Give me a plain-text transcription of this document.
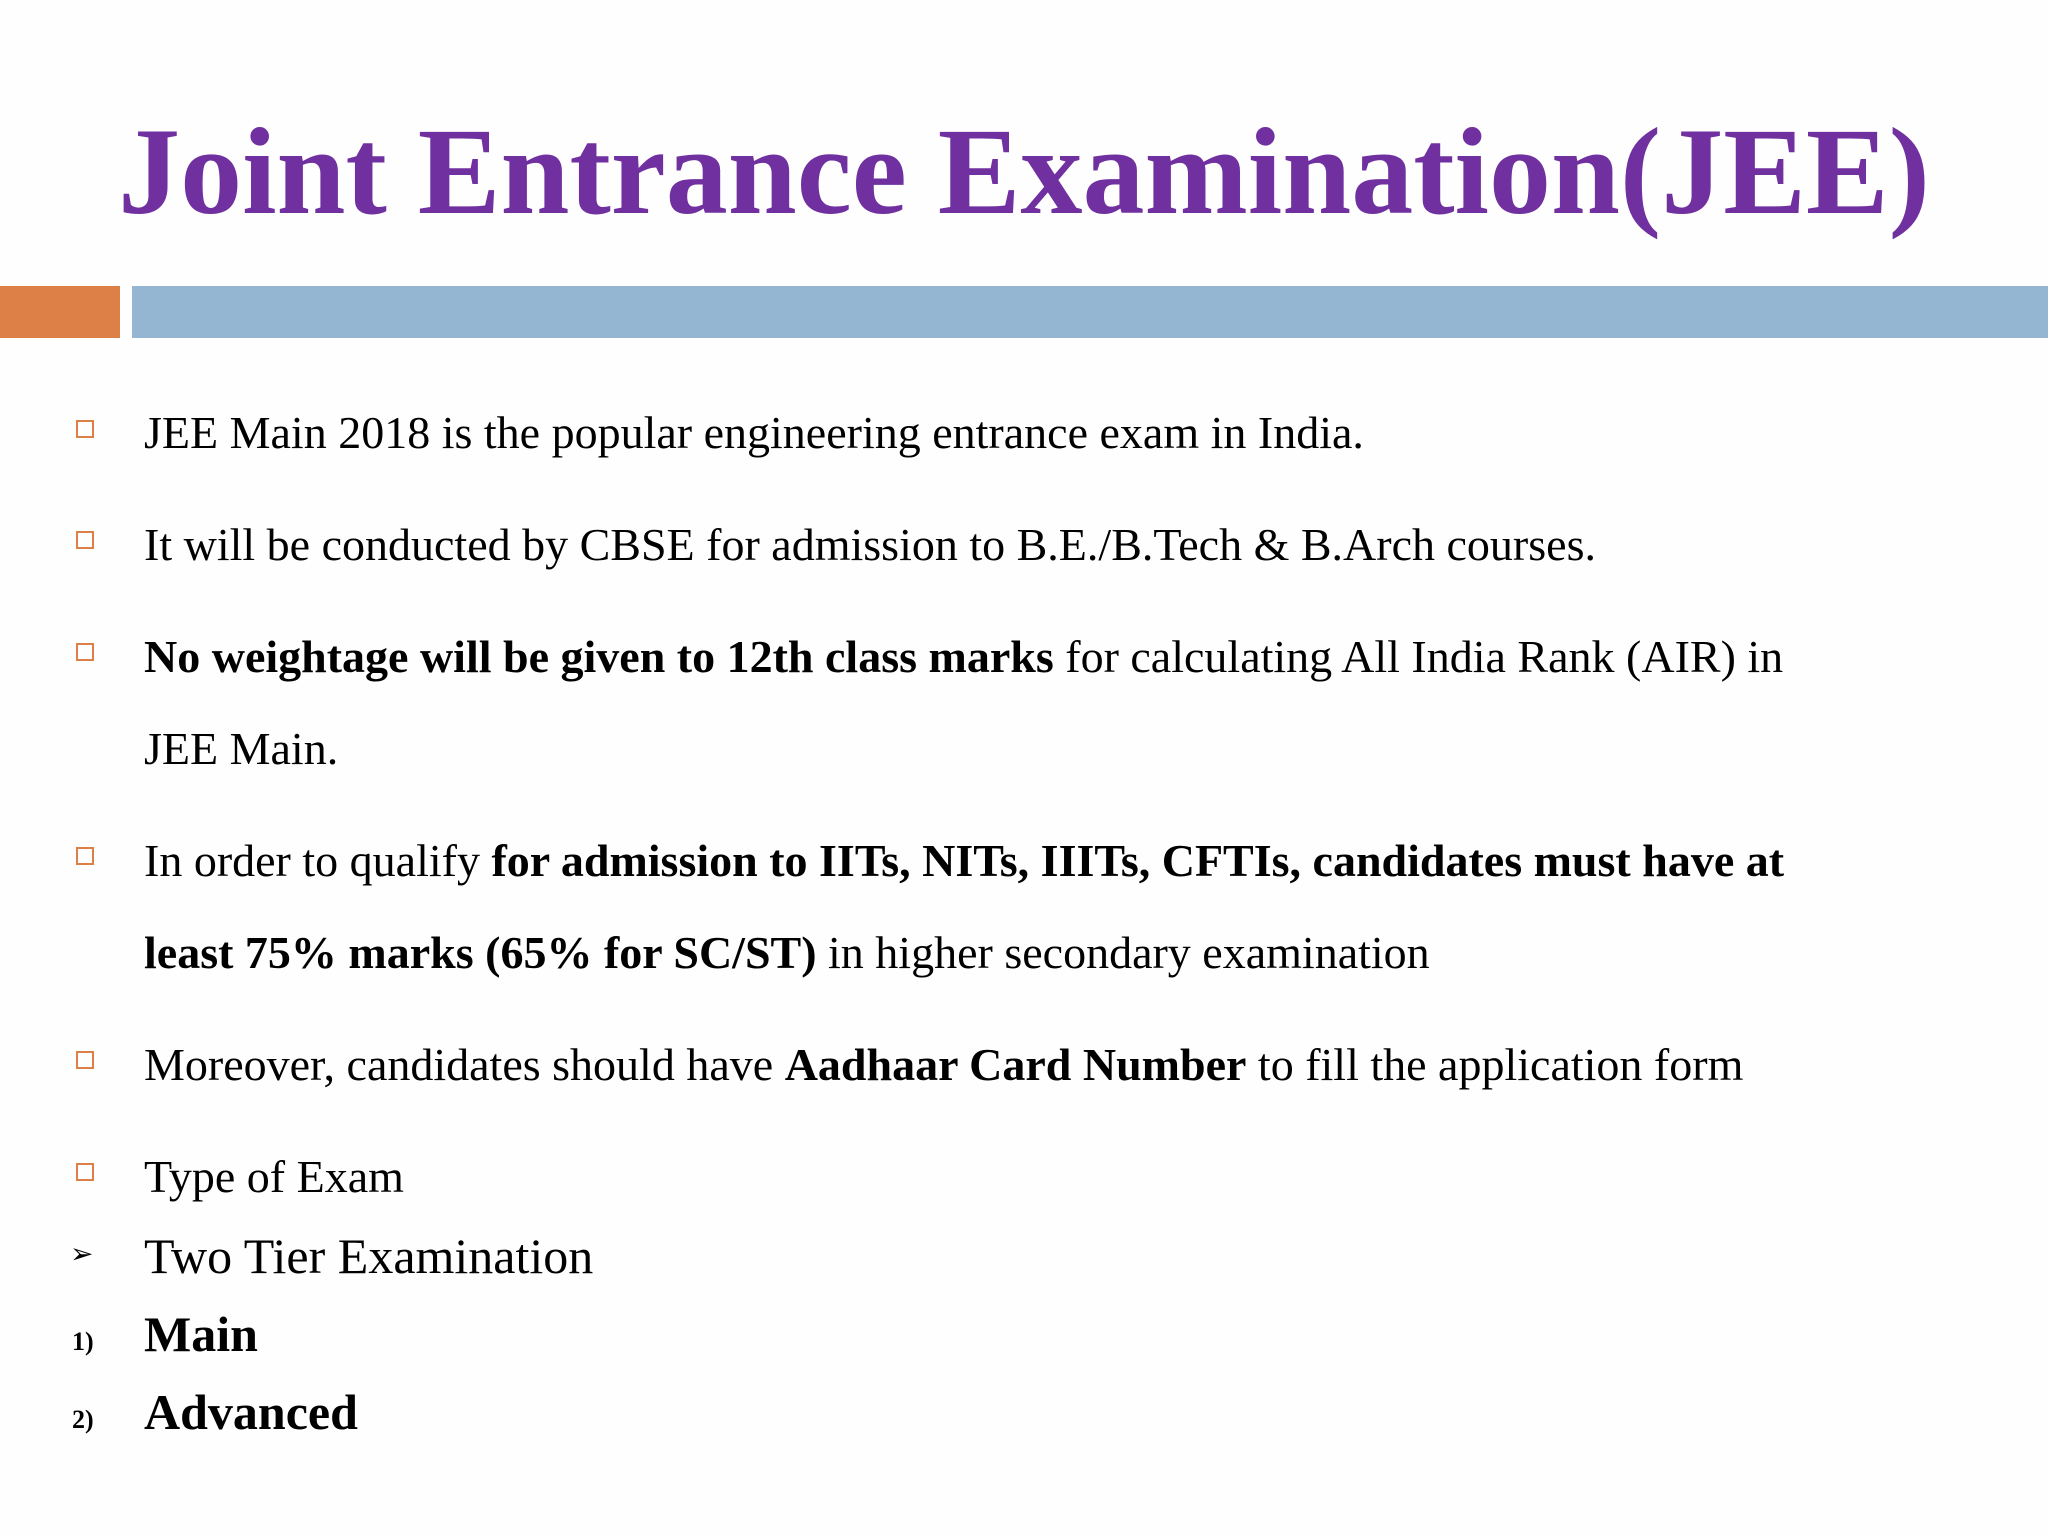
Joint Entrance Examination(JEE)
JEE Main 2018 is the popular engineering entrance exam in India.
It will be conducted by CBSE for admission to B.E./B.Tech & B.Arch courses.
No weightage will be given to 12th class marks for calculating All India Rank (AIR) in
JEE Main.
In order to qualify for admission to IITs, NITs, IIITs, CFTIs, candidates must have at
least 75% marks (65% for SC/ST) in higher secondary examination
Moreover, candidates should have Aadhaar Card Number to fill the application form
Type of Exam
➢ Two Tier Examination
1) Main
2) Advanced
